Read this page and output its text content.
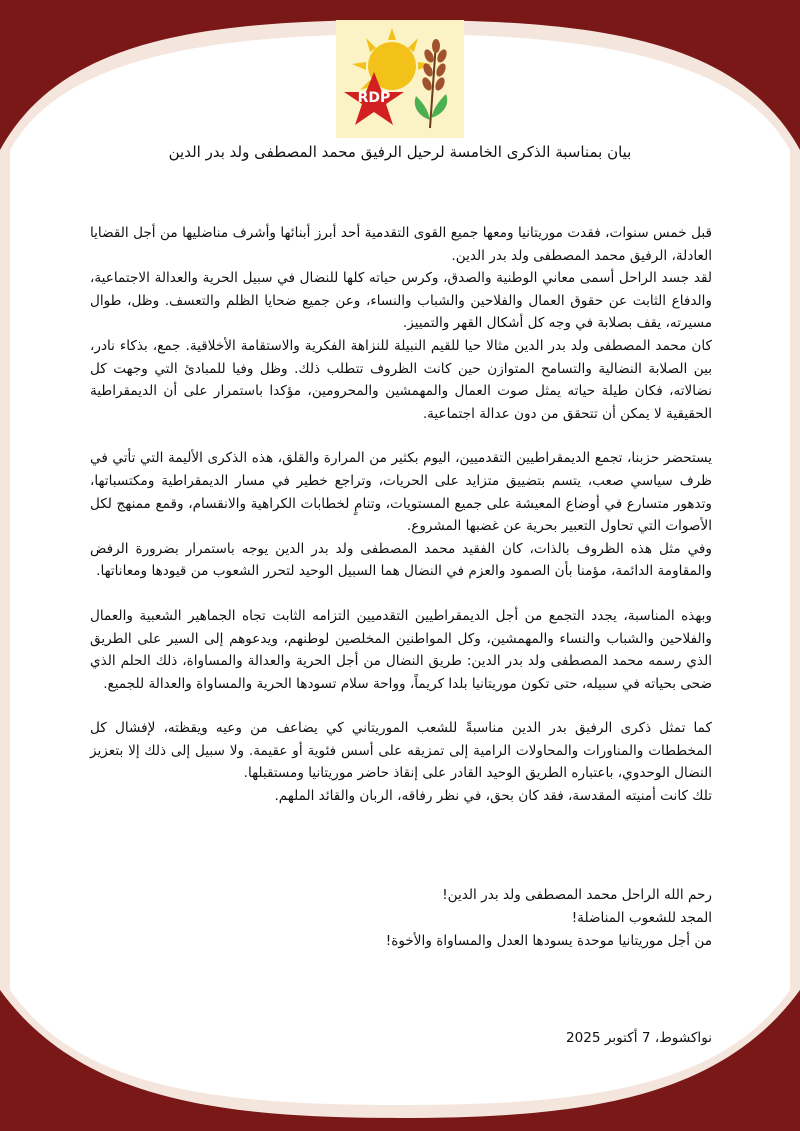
RDP
بيان بمناسبة الذكرى الخامسة لرحيل الرفيق محمد المصطفى ولد بدر الدين

قبل خمس سنوات، فقدت موريتانيا ومعها جميع القوى التقدمية أحد أبرز أبنائها وأشرف مناضليها من أجل القضايا العادلة، الرفيق محمد المصطفى ولد بدر الدين.

لقد جسد الراحل أسمى معاني الوطنية والصدق، وكرس حياته كلها للنضال في سبيل الحرية والعدالة الاجتماعية، والدفاع الثابت عن حقوق العمال والفلاحين والشباب والنساء، وعن جميع ضحايا الظلم والتعسف. وظل، طوال مسيرته، يقف بصلابة في وجه كل أشكال القهر والتمييز.

كان محمد المصطفى ولد بدر الدين مثالا حيا للقيم النبيلة للنزاهة الفكرية والاستقامة الأخلاقية. جمع، بذكاء نادر، بين الصلابة النضالية والتسامح المتوازن حين كانت الظروف تتطلب ذلك. وظل وفيا للمبادئ التي وجهت كل نضالاته، فكان طيلة حياته يمثل صوت العمال والمهمشين والمحرومين، مؤكدا باستمرار على أن الديمقراطية الحقيقية لا يمكن أن تتحقق من دون عدالة اجتماعية.

يستحضر حزبنا، تجمع الديمقراطيين التقدميين، اليوم بكثير من المرارة والقلق، هذه الذكرى الأليمة التي تأتي في ظرف سياسي صعب، يتسم بتضييق متزايد على الحريات، وتراجع خطير في مسار الديمقراطية ومكتسباتها، وتدهور متسارع في أوضاع المعيشة على جميع المستويات، وتنامٍ لخطابات الكراهية والانقسام، وقمع ممنهج لكل الأصوات التي تحاول التعبير بحرية عن غضبها المشروع.

وفي مثل هذه الظروف بالذات، كان الفقيد محمد المصطفى ولد بدر الدين يوجه باستمرار بضرورة الرفض والمقاومة الدائمة، مؤمنا بأن الصمود والعزم في النضال هما السبيل الوحيد لتحرر الشعوب من قيودها ومعاناتها.

وبهذه المناسبة، يجدد التجمع من أجل الديمقراطيين التقدميين التزامه الثابت تجاه الجماهير الشعبية والعمال والفلاحين والشباب والنساء والمهمشين، وكل المواطنين المخلصين لوطنهم، ويدعوهم إلى السير على الطريق الذي رسمه محمد المصطفى ولد بدر الدين: طريق النضال من أجل الحرية والعدالة والمساواة، ذلك الحلم الذي ضحى بحياته في سبيله، حتى تكون موريتانيا بلدا كريماً، وواحة سلام تسودها الحرية والمساواة والعدالة للجميع.

كما تمثل ذكرى الرفيق بدر الدين مناسبةً للشعب الموريتاني كي يضاعف من وعيه ويقظته، لإفشال كل المخططات والمناورات والمحاولات الرامية إلى تمزيقه على أسس فئوية أو عقيمة. ولا سبيل إلى ذلك إلا بتعزيز النضال الوحدوي، باعتباره الطريق الوحيد القادر على إنقاذ حاضر موريتانيا ومستقبلها.

تلك كانت أمنيته المقدسة، فقد كان بحق، في نظر رفاقه، الربان والقائد الملهم.

رحم الله الراحل محمد المصطفى ولد بدر الدين!

المجد للشعوب المناضلة!

من أجل موريتانيا موحدة يسودها العدل والمساواة والأخوة!

نواكشوط، 7 أكتوبر 2025
